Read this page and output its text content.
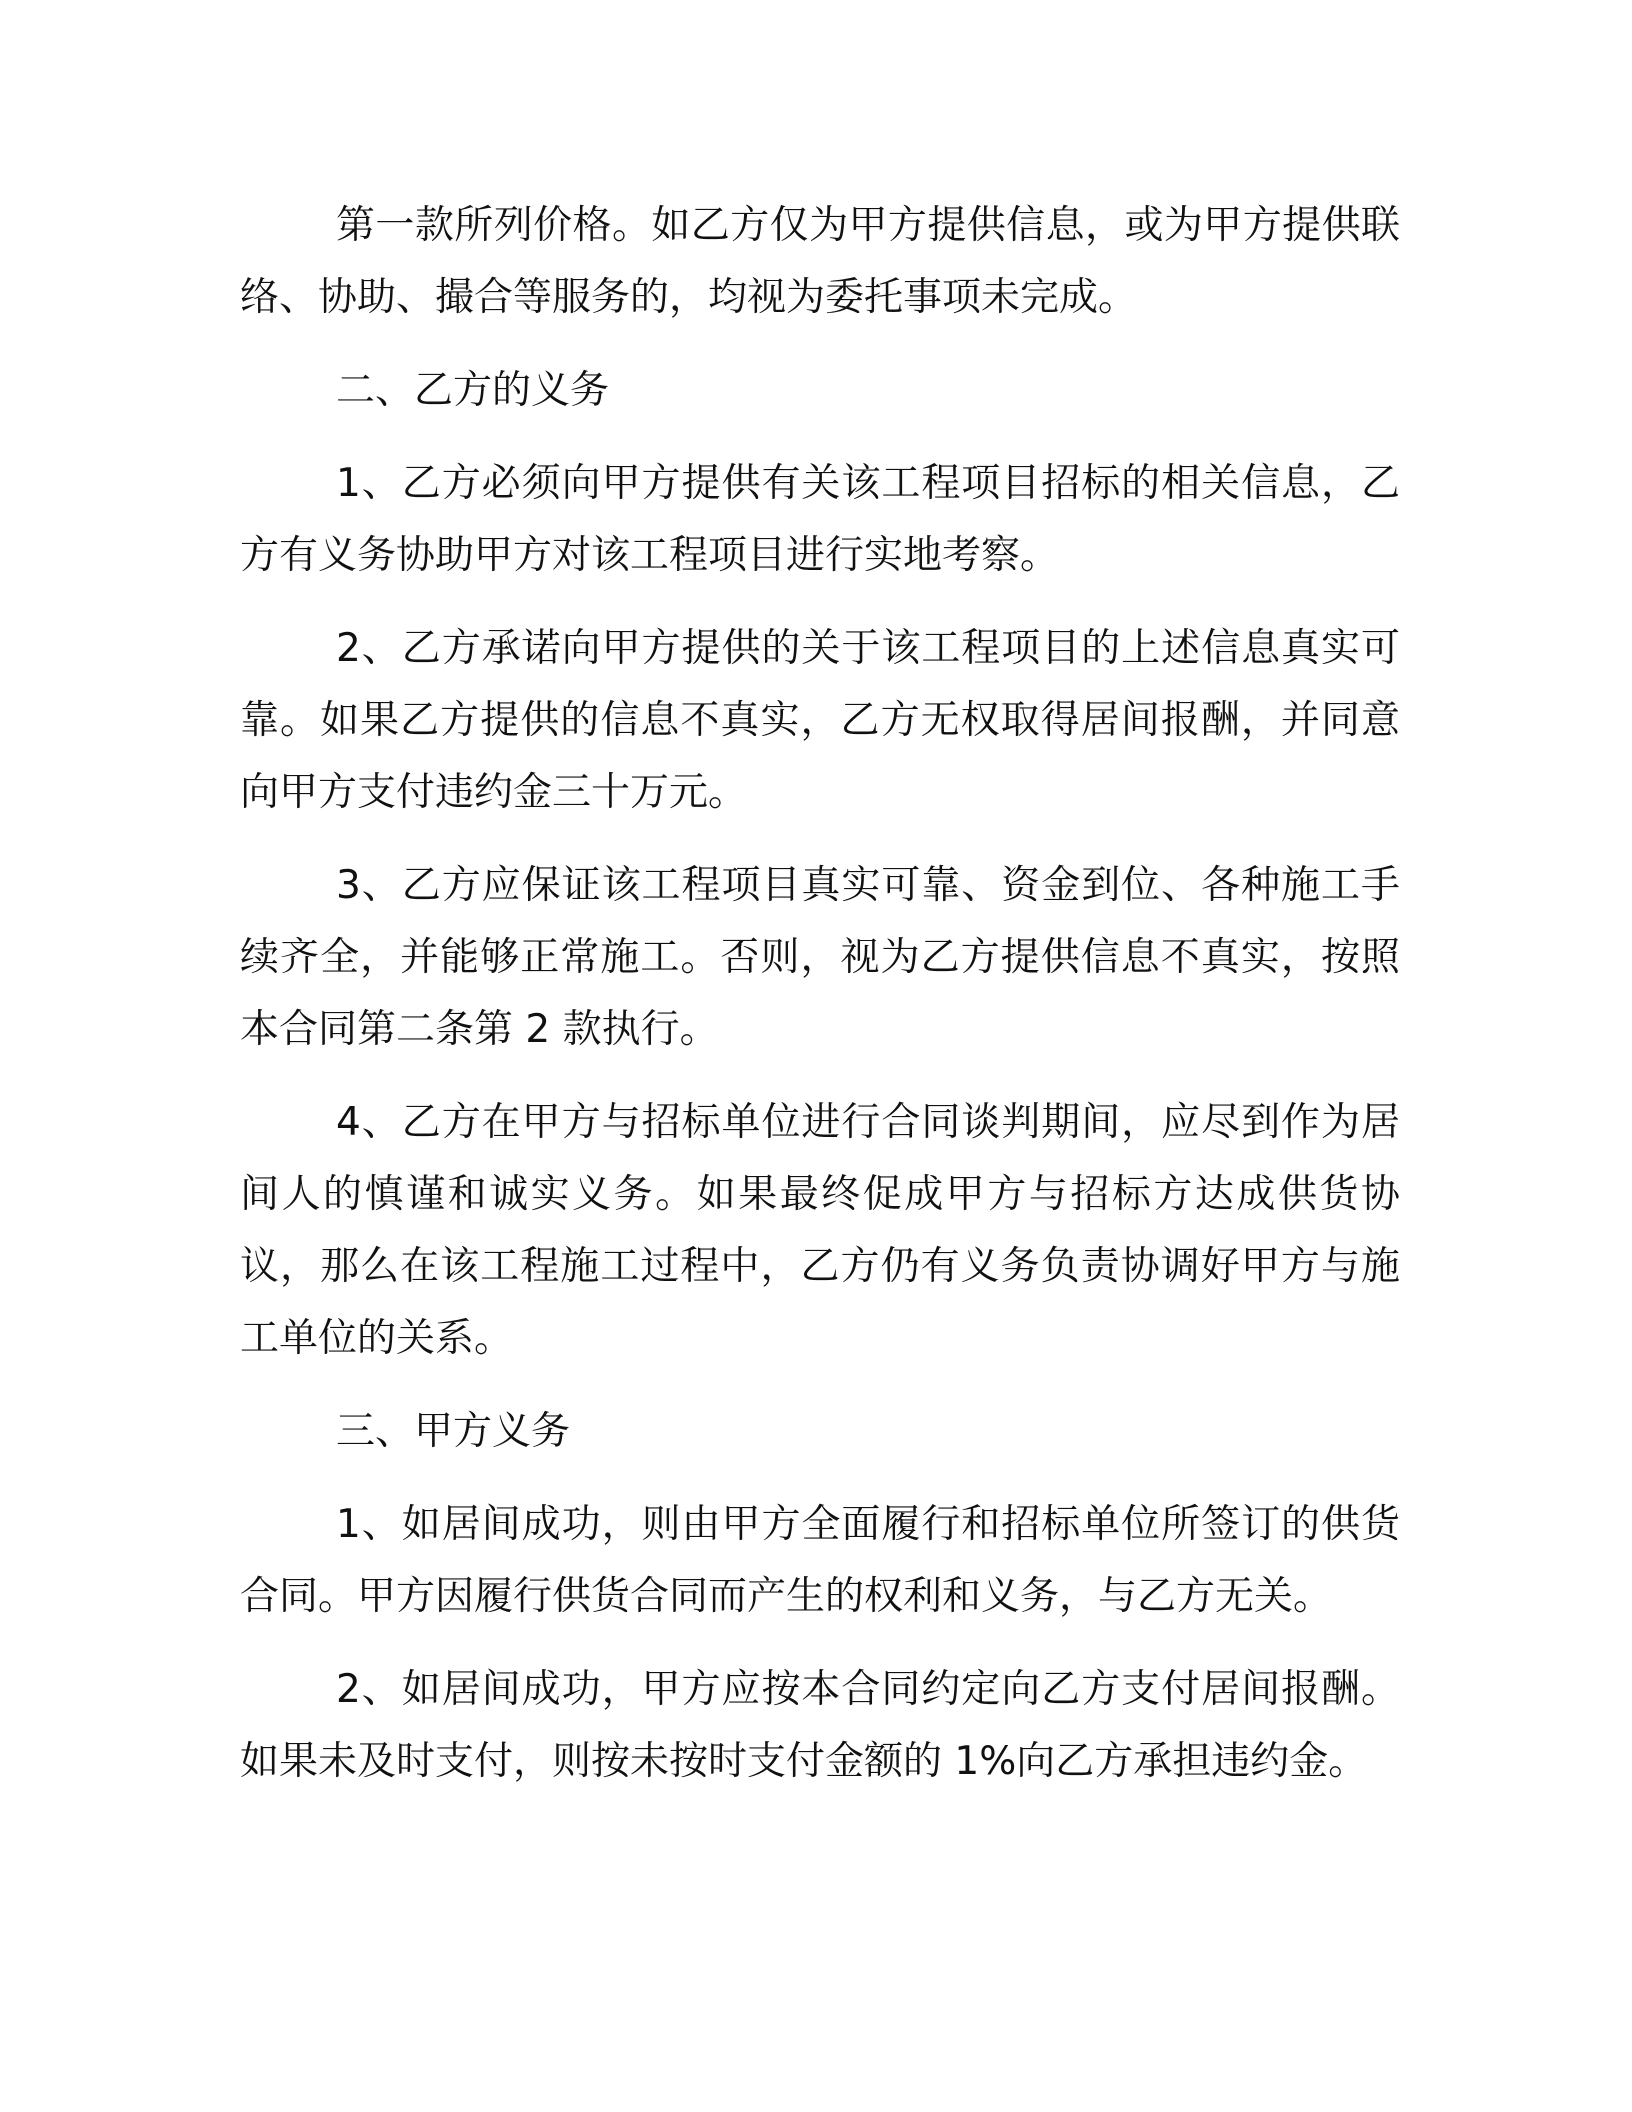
第一款所列价格。如乙方仅为甲方提供信息，或为甲方提供联络、协助、撮合等服务的，均视为委托事项未完成。

二、乙方的义务

1、乙方必须向甲方提供有关该工程项目招标的相关信息，乙方有义务协助甲方对该工程项目进行实地考察。

2、乙方承诺向甲方提供的关于该工程项目的上述信息真实可靠。如果乙方提供的信息不真实，乙方无权取得居间报酬，并同意向甲方支付违约金三十万元。

3、乙方应保证该工程项目真实可靠、资金到位、各种施工手续齐全，并能够正常施工。否则，视为乙方提供信息不真实，按照本合同第二条第 2 款执行。

4、乙方在甲方与招标单位进行合同谈判期间，应尽到作为居间人的慎谨和诚实义务。如果最终促成甲方与招标方达成供货协议，那么在该工程施工过程中，乙方仍有义务负责协调好甲方与施工单位的关系。

三、甲方义务

1、如居间成功，则由甲方全面履行和招标单位所签订的供货合同。甲方因履行供货合同而产生的权利和义务，与乙方无关。

2、如居间成功，甲方应按本合同约定向乙方支付居间报酬。如果未及时支付，则按未按时支付金额的 1%向乙方承担违约金。
